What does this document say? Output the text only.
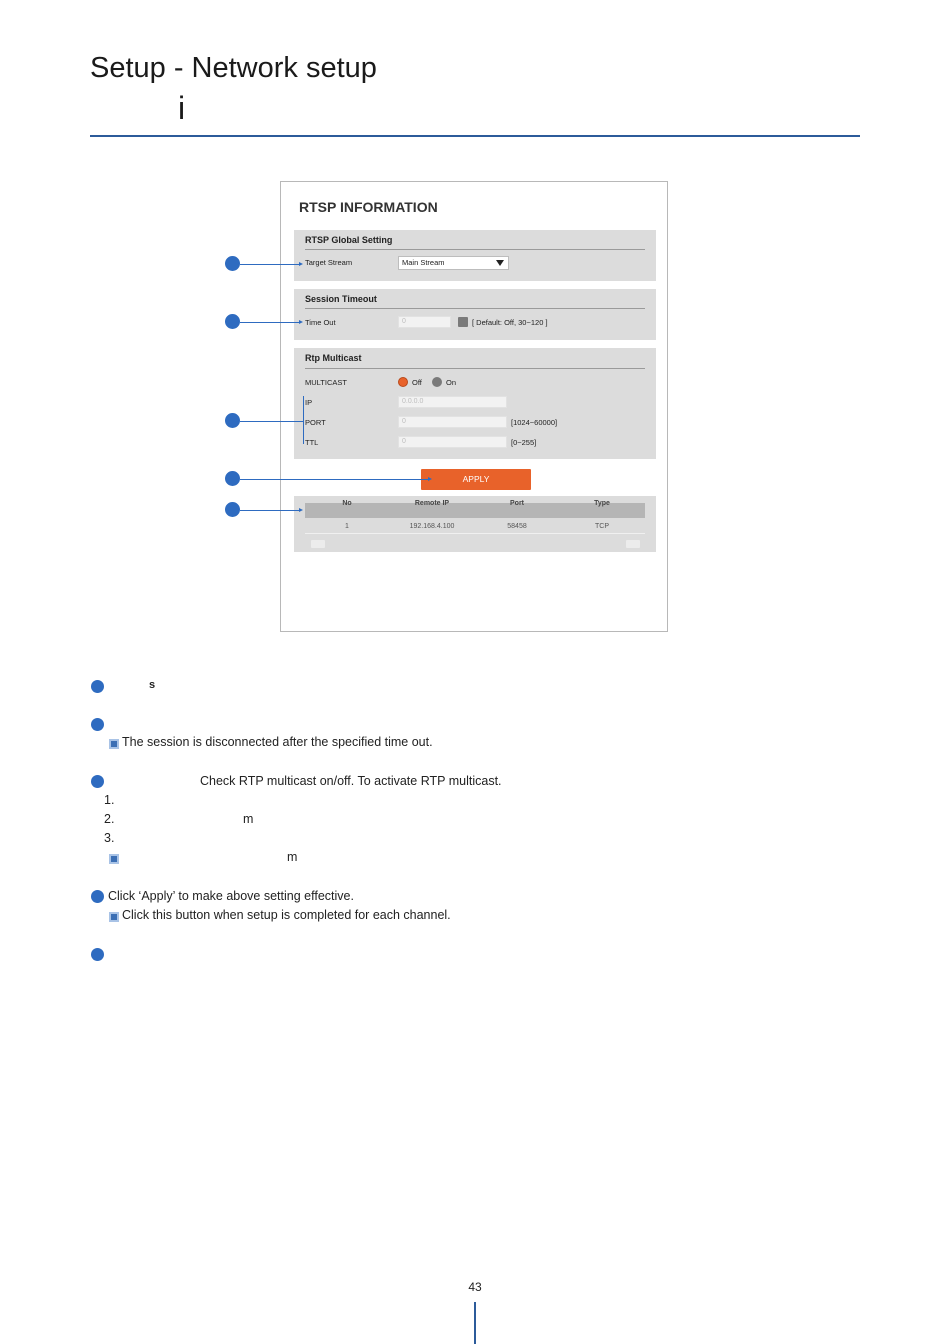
Setup - Network setup
i
RTSP INFORMATION
RTSP Global Setting
Target Stream	Main Stream
Session Timeout
Time Out	0	[ Default: Off, 30~120 ]
Rtp Multicast
MULTICAST	Off	On
IP	0.0.0.0
PORT	0	[1024~60000]
TTL	0	[0~255]
APPLY
No	Remote IP	Port	Type
1	192.168.4.100	58458	TCP
s
The session is disconnected after the specified time out.
Check RTP multicast on/off. To activate RTP multicast.
1.
2.	m
3.
m
Click ‘Apply’ to make above setting effective.
Click this button when setup is completed for each channel.
43
